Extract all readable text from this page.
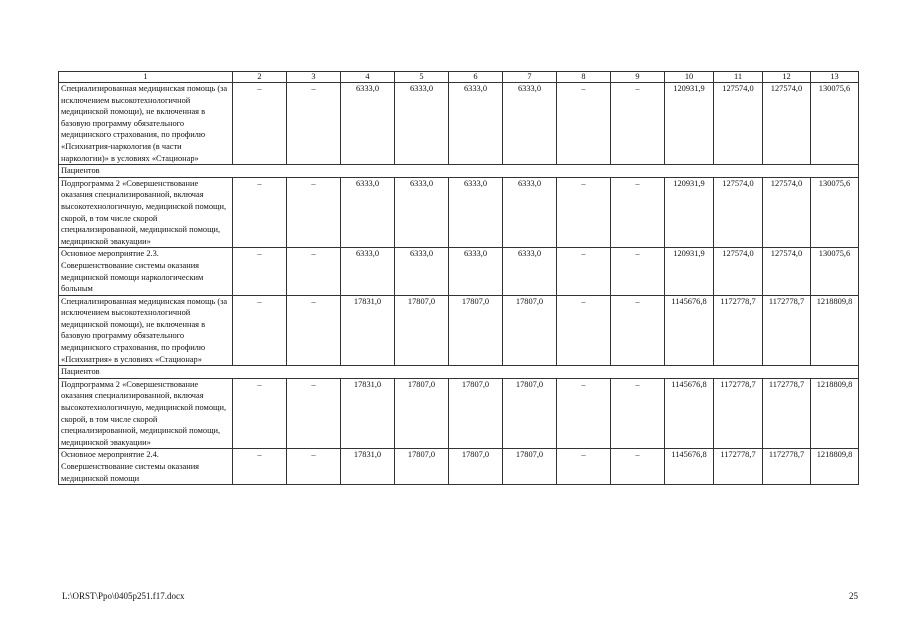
1	2	3	4	5	6	7	8	9	10	11	12	13
Специализированная медицинская помощь (за исключением высокотехнологичной медицинской помощи), не включенная в базовую программу обязательного медицинского страхования, по профилю «Психиатрия-наркология (в части наркологии)» в условиях «Стационар»	–	–	6333,0	6333,0	6333,0	6333,0	–	–	120931,9	127574,0	127574,0	130075,6
Пациентов												
Подпрограмма 2 «Совершенствование оказания специализированной, включая высокотехнологичную, медицинской помощи, скорой, в том числе скорой специализированной, медицинской помощи, медицинской эвакуации»	–	–	6333,0	6333,0	6333,0	6333,0	–	–	120931,9	127574,0	127574,0	130075,6
Основное мероприятие 2.3. Совершенствование системы оказания медицинской помощи наркологическим больным	–	–	6333,0	6333,0	6333,0	6333,0	–	–	120931,9	127574,0	127574,0	130075,6
Специализированная медицинская помощь (за исключением высокотехнологичной медицинской помощи), не включенная в базовую программу обязательного медицинского страхования, по профилю «Психиатрия» в условиях «Стационар»	–	–	17831,0	17807,0	17807,0	17807,0	–	–	1145676,8	1172778,7	1172778,7	1218809,8
Пациентов												
Подпрограмма 2 «Совершенствование оказания специализированной, включая высокотехнологичную, медицинской помощи, скорой, в том числе скорой специализированной, медицинской помощи, медицинской эвакуации»	–	–	17831,0	17807,0	17807,0	17807,0	–	–	1145676,8	1172778,7	1172778,7	1218809,8
Основное мероприятие 2.4. Совершенствование системы оказания медицинской помощи	–	–	17831,0	17807,0	17807,0	17807,0	–	–	1145676,8	1172778,7	1172778,7	1218809,8
L:\ORST\Ppo\0405p251.f17.docx	25
